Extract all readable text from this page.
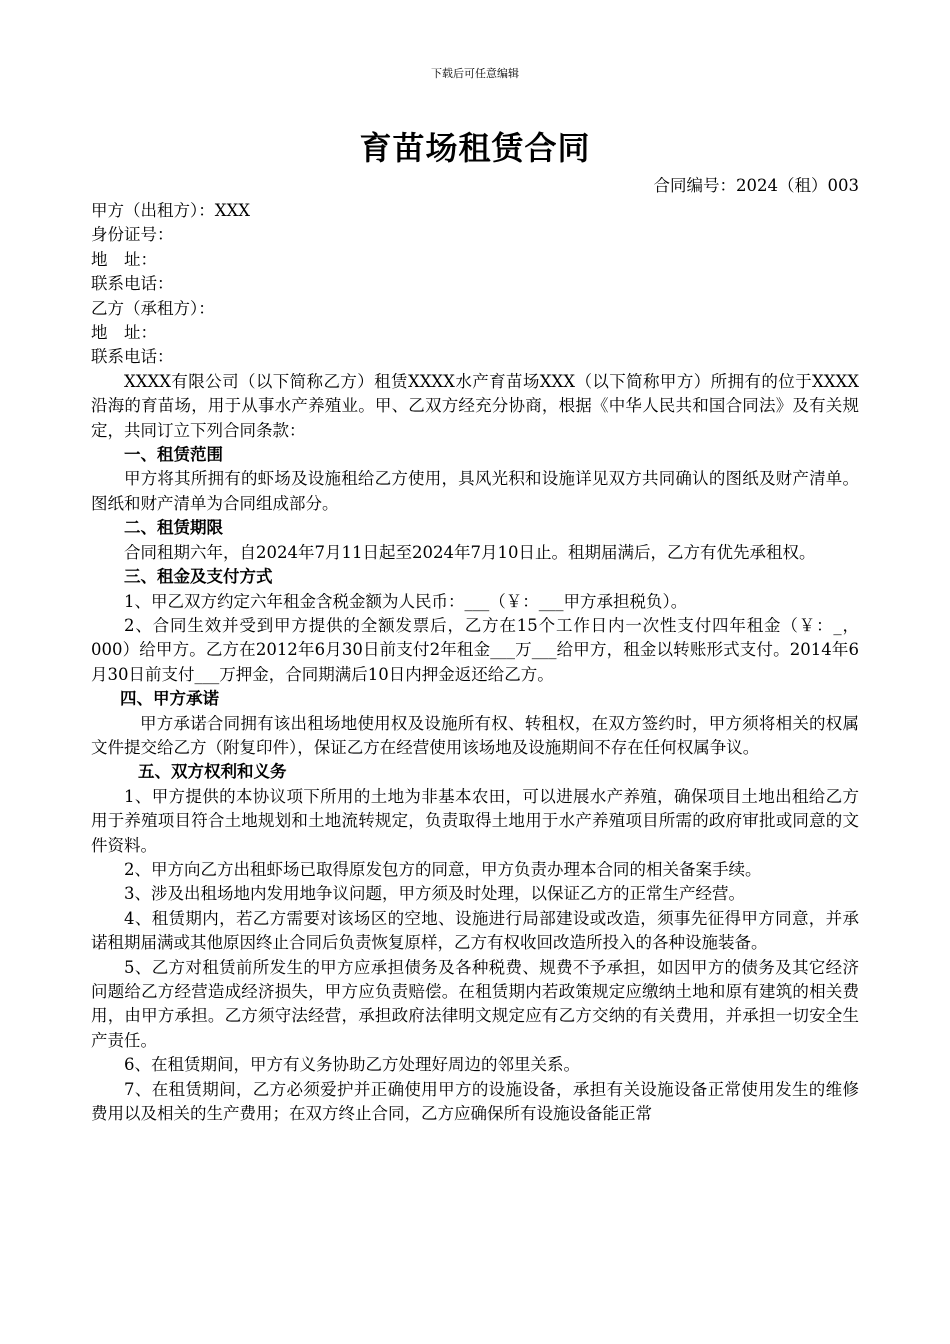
下载后可任意编辑
育苗场租赁合同
合同编号：2024（租）003
甲方（出租方）：XXX
身份证号：
地　址：
联系电话：
乙方（承租方）：
地　址：
联系电话：
XXXX有限公司（以下简称乙方）租赁XXXX水产育苗场XXX（以下简称甲方）所拥有的位于XXXX沿海的育苗场，用于从事水产养殖业。甲、乙双方经充分协商，根据《中华人民共和国合同法》及有关规定，共同订立下列合同条款：
一、租赁范围
甲方将其所拥有的虾场及设施租给乙方使用，具风光积和设施详见双方共同确认的图纸及财产清单。图纸和财产清单为合同组成部分。
二、租赁期限
合同租期六年，自2024年7月11日起至2024年7月10日止。租期届满后，乙方有优先承租权。
三、租金及支付方式
1、甲乙双方约定六年租金含税金额为人民币：___（￥：___甲方承担税负）。
2、合同生效并受到甲方提供的全额发票后，乙方在15个工作日内一次性支付四年租金（￥：_，000）给甲方。乙方在2012年6月30日前支付2年租金___万___给甲方，租金以转账形式支付。2014年6月30日前支付___万押金，合同期满后10日内押金返还给乙方。
四、甲方承诺
甲方承诺合同拥有该出租场地使用权及设施所有权、转租权，在双方签约时，甲方须将相关的权属文件提交给乙方（附复印件），保证乙方在经营使用该场地及设施期间不存在任何权属争议。
五、双方权利和义务
1、甲方提供的本协议项下所用的土地为非基本农田，可以进展水产养殖，确保项目土地出租给乙方用于养殖项目符合土地规划和土地流转规定，负责取得土地用于水产养殖项目所需的政府审批或同意的文件资料。
2、甲方向乙方出租虾场已取得原发包方的同意，甲方负责办理本合同的相关备案手续。
3、涉及出租场地内发用地争议问题，甲方须及时处理，以保证乙方的正常生产经营。
4、租赁期内，若乙方需要对该场区的空地、设施进行局部建设或改造，须事先征得甲方同意，并承诺租期届满或其他原因终止合同后负责恢复原样，乙方有权收回改造所投入的各种设施装备。
5、乙方对租赁前所发生的甲方应承担债务及各种税费、规费不予承担，如因甲方的债务及其它经济问题给乙方经营造成经济损失，甲方应负责赔偿。在租赁期内若政策规定应缴纳土地和原有建筑的相关费用，由甲方承担。乙方须守法经营，承担政府法律明文规定应有乙方交纳的有关费用，并承担一切安全生产责任。
6、在租赁期间，甲方有义务协助乙方处理好周边的邻里关系。
7、在租赁期间，乙方必须爱护并正确使用甲方的设施设备，承担有关设施设备正常使用发生的维修费用以及相关的生产费用；在双方终止合同，乙方应确保所有设施设备能正常
